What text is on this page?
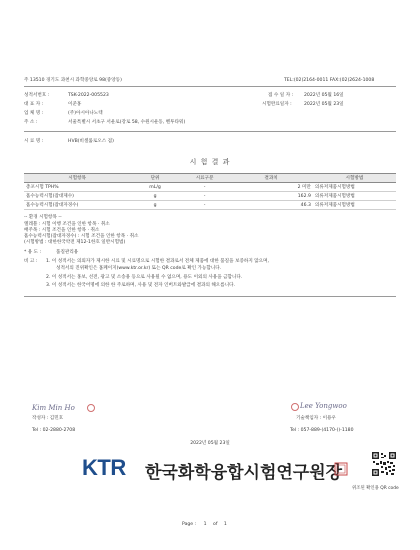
주 13510 경기도 과천시 과학중앙로 98(중앙동)	TEL:(02)2164-0011 FAX:(02)2624-1008
성적서번호 :	TSK-2022-005523	접 수 일 자 : 2022년 05월 16일
대 표 자 :	이준홍	시험완료일자 :	2022년 05월 23일
업 체 명 :	(주)아시아나노텍
주 소 :	서울특별시 서초구 서운로(강로 58, 수원시운동, 벤투타워)
시 료 명 :	HVB(비셀룰로오스 겸)
시 험 결 과
시험항목	단위	시료구분	결과치	시험방법
총포시험 TPH%	mL/g	-	2 미만	의류저제품시험방법
흡수능력시험(잡대제수)	g	-	162.9	의류저제품시험방법
흡수능력시험(잡대자경수)	g	-	46.3	의류저제품시험방법
-- 환경 시험항목 --
엘레블 : 시험 이행 조건을 인한 항목 · 취소
배주목 : 시험 조건을 인한 항목 · 취소
흡수능력시험(잡대자경수) : 시험 조건을 인한 항목 · 취소
(시험방법 : 대한한국약전 제12-1한호 일반시험법)
* 용 도 :	품질관리용
비 고 : 1. 이 성적서는 의뢰자가 제시한 시료 및 시료명으로 시험한 결과로서 전체 제품에 대한 품질을 보증하지 않으며,
성적서의 진위확인은 홈페이지(www.ktr.or.kr) 또는 QR code로 확인 가능합니다.
2. 이 성적서는 홍보, 선전, 광고 및 소송용 등으로 사용될 수 없으며, 용도 이외의 사용을 금합니다.
3. 이 성적서는 한국어명에 의한 한 주로하며, 사용 및 전자 인버트와발급에 결과의 해오릅니다.
Kim Min Ho
작성자 : 김민호
Tel : 02-2880-2708
Lee Yongwoo
기술책임자 : 이용우
Tel : 057-889-(4170-()-1180
2022년 05월 23일
KTR 한국화학융합시험연구원장
위조된 확인용 QR code
Page : 1 of 1
